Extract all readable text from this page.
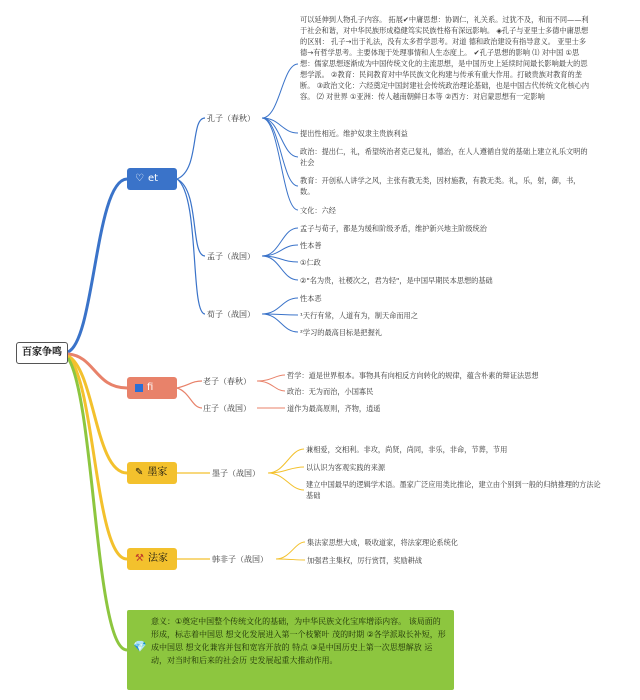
百家争鸣
♡ et
fi
✎ 墨家
⚒ 法家
孔子（春秋）
孟子（战国）
荀子（战国）
老子（春秋）
庄子（战国）
墨子（战国）
韩非子（战国）
可以延伸到人物孔子内容。 拓展✔中庸思想：协调仁，礼关系。过犹不及，和而不同——利于社会和谐，对中华民族形成稳健笃实民族性格有深远影响。 ◈孔子与亚里士多德中庸思想的区别： 孔子→出于礼法，没有太多哲学思考。对道 德和政治建设有指导意义。 亚里士多德→有哲学思考。主要体现于处理事情和人生态度上。 ✔孔子思想的影响 ⑴ 对中国 ①思想：儒家思想逐渐成为中国传统文化的主流思想，是中国历史上延续时间最长影响最大的思想学派。 ②教育：民间教育对中华民族文化构建与传承有重大作用。打破贵族对教育的垄断。 ③政治文化：六经奠定中国封建社会传统政治理论基础，也是中国古代传统文化核心内容。 ⑵ 对世界 ①亚洲：传人越南朝鲜日本等 ②西方：对启蒙思想有一定影响
提出性相近。维护奴隶主贵族利益
政治：提出仁，礼，希望统治者克己复礼，德治，在人人遵循自觉的基础上建立礼乐文明的社会
教育：开创私人讲学之风，主张有教无类，因材施教，有教无类。礼，乐，射，御，书，数。
文化：六经
孟子与荀子，都是为缓和阶级矛盾，维护新兴地主阶级统治
性本善
①仁政
②"名为贵，社稷次之，君为轻"，是中国早期民本思想的基础
性本恶
¹天行有常，人道有为，制天命而用之
²学习的最高目标是把握礼
哲学：道是世界根本。事物具有向相反方向转化的规律，蕴含朴素的辩证法思想
政治：无为而治，小国寡民
道作为最高原则，齐物，逍遥
兼相爱，交相利。非攻，尚贤，尚同，非乐，非命，节葬，节用
以认识为客观实践的来源
建立中国最早的逻辑学术语。墨家广泛应用类比推论，建立由个别到一般的归纳推理的方法论基础
集法家思想大成，吸收道家，将法家理论系统化
加强君主集权，厉行赏罚，奖励耕战
💎
意义：①奠定中国整个传统文化的基础，为中华民族文化宝库增添内容。 该局面的形成，标志着中国思 想文化发展进入第一个枝繁叶 茂的时期 ②各学派取长补短，形成中国思 想文化兼容并包和宽容开放的 特点 ③是中国历史上第一次思想解放 运动，对当时和后来的社会历 史发展起重大推动作用。
